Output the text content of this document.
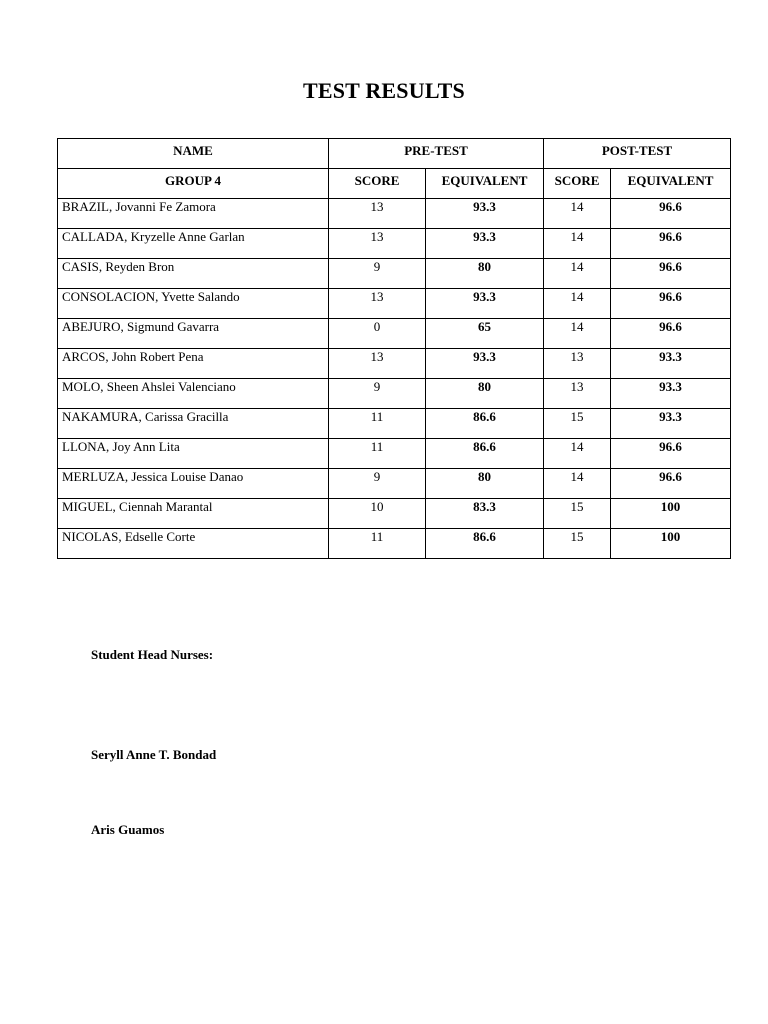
TEST RESULTS
NAME	PRE-TEST		POST-TEST	
GROUP 4	SCORE	EQUIVALENT	SCORE	EQUIVALENT
BRAZIL, Jovanni Fe Zamora	13	93.3	14	96.6
CALLADA, Kryzelle Anne Garlan	13	93.3	14	96.6
CASIS, Reyden Bron	9	80	14	96.6
CONSOLACION, Yvette Salando	13	93.3	14	96.6
ABEJURO, Sigmund Gavarra	0	65	14	96.6
ARCOS, John Robert Pena	13	93.3	13	93.3
MOLO, Sheen Ahslei Valenciano	9	80	13	93.3
NAKAMURA, Carissa Gracilla	11	86.6	15	93.3
LLONA, Joy Ann Lita	11	86.6	14	96.6
MERLUZA, Jessica Louise Danao	9	80	14	96.6
MIGUEL, Ciennah Marantal	10	83.3	15	100
NICOLAS, Edselle Corte	11	86.6	15	100
Student Head Nurses:
Seryll Anne T. Bondad
Aris Guamos
